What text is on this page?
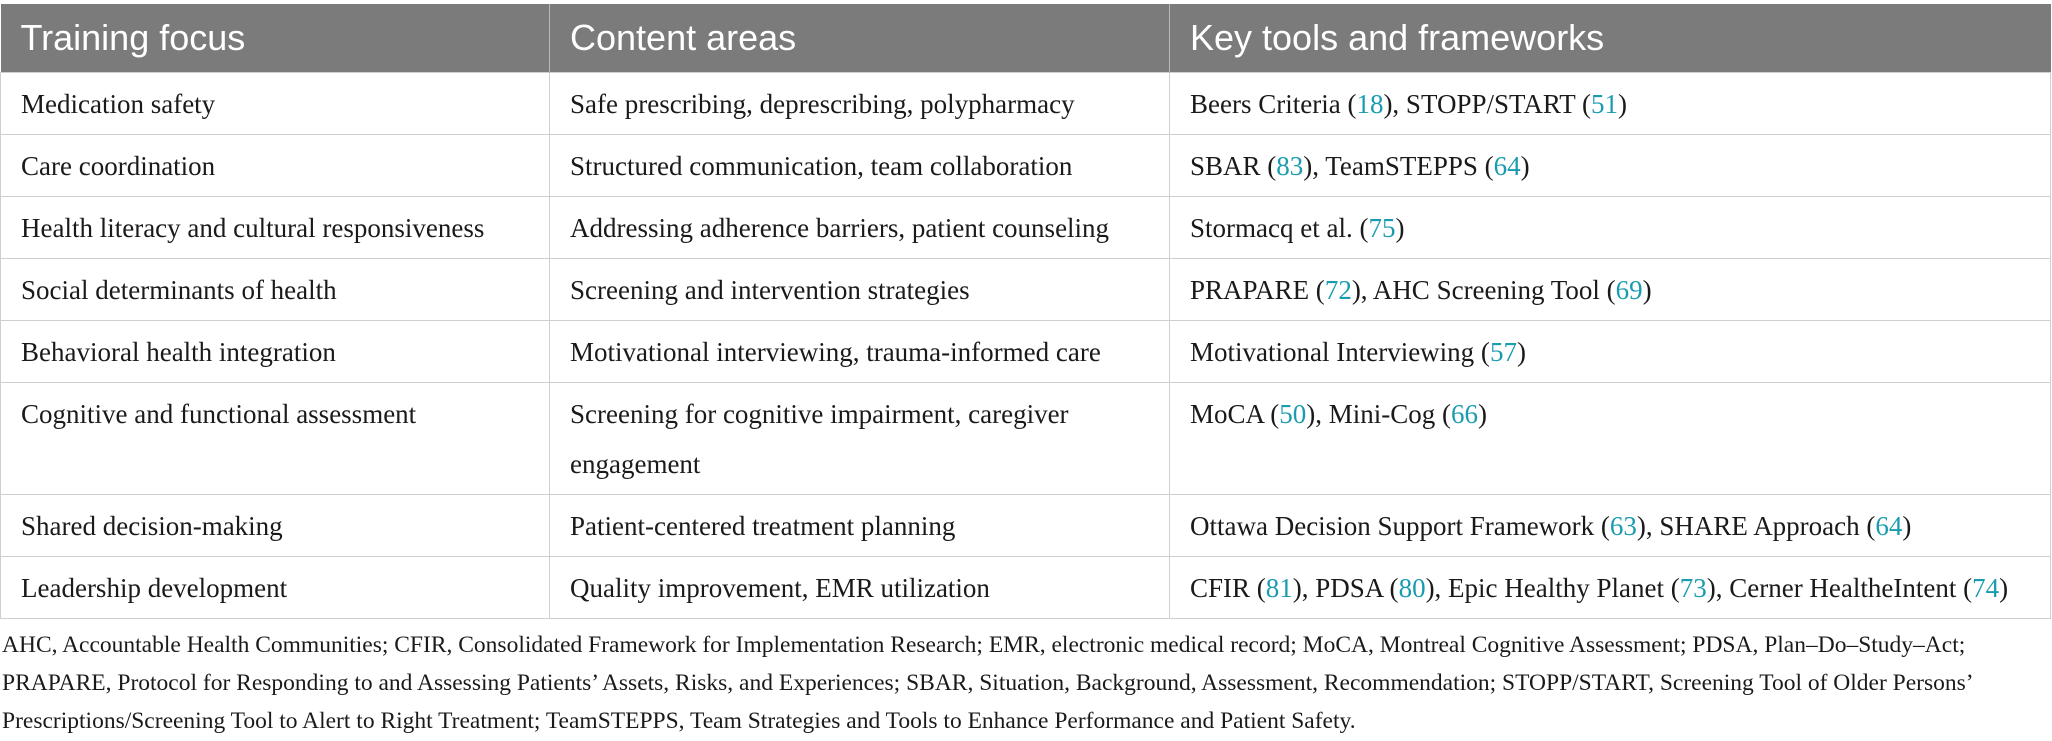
Training focus	Content areas	Key tools and frameworks
Medication safety	Safe prescribing, deprescribing, polypharmacy	Beers Criteria (18), STOPP/START (51)
Care coordination	Structured communication, team collaboration	SBAR (83), TeamSTEPPS (64)
Health literacy and cultural responsiveness	Addressing adherence barriers, patient counseling	Stormacq et al. (75)
Social determinants of health	Screening and intervention strategies	PRAPARE (72), AHC Screening Tool (69)
Behavioral health integration	Motivational interviewing, trauma-informed care	Motivational Interviewing (57)
Cognitive and functional assessment	Screening for cognitive impairment, caregiver engagement	MoCA (50), Mini-Cog (66)
Shared decision-making	Patient-centered treatment planning	Ottawa Decision Support Framework (63), SHARE Approach (64)
Leadership development	Quality improvement, EMR utilization	CFIR (81), PDSA (80), Epic Healthy Planet (73), Cerner HealtheIntent (74)
AHC, Accountable Health Communities; CFIR, Consolidated Framework for Implementation Research; EMR, electronic medical record; MoCA, Montreal Cognitive Assessment; PDSA, Plan–Do–Study–Act; PRAPARE, Protocol for Responding to and Assessing Patients’ Assets, Risks, and Experiences; SBAR, Situation, Background, Assessment, Recommendation; STOPP/START, Screening Tool of Older Persons’ Prescriptions/Screening Tool to Alert to Right Treatment; TeamSTEPPS, Team Strategies and Tools to Enhance Performance and Patient Safety.
